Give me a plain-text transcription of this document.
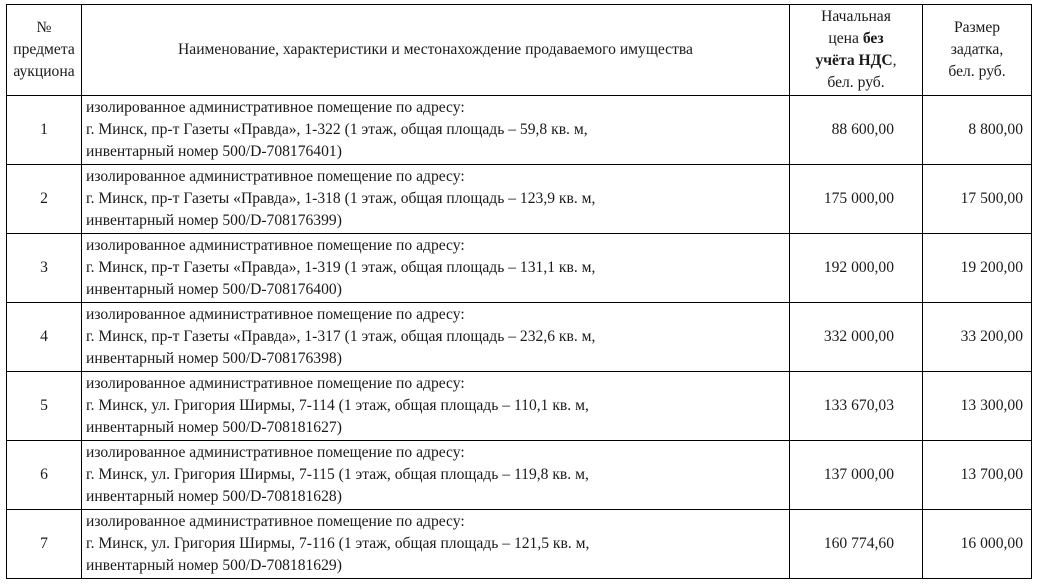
№
предмета
аукциона	Наименование, характеристики и местонахождение продаваемого имущества	Начальная
цена без
учёта НДС,
бел. руб.	Размер
задатка,
бел. руб.

1	изолированное административное помещение по адресу:
г. Минск, пр-т Газеты «Правда», 1-322 (1 этаж, общая площадь – 59,8 кв. м,
инвентарный номер 500/D-708176401)	88 600,00	8 800,00
2	изолированное административное помещение по адресу:
г. Минск, пр-т Газеты «Правда», 1-318 (1 этаж, общая площадь – 123,9 кв. м,
инвентарный номер 500/D-708176399)	175 000,00	17 500,00
3	изолированное административное помещение по адресу:
г. Минск, пр-т Газеты «Правда», 1-319 (1 этаж, общая площадь – 131,1 кв. м,
инвентарный номер 500/D-708176400)	192 000,00	19 200,00
4	изолированное административное помещение по адресу:
г. Минск, пр-т Газеты «Правда», 1-317 (1 этаж, общая площадь – 232,6 кв. м,
инвентарный номер 500/D-708176398)	332 000,00	33 200,00
5	изолированное административное помещение по адресу:
г. Минск, ул. Григория Ширмы, 7-114 (1 этаж, общая площадь – 110,1 кв. м,
инвентарный номер 500/D-708181627)	133 670,03	13 300,00
6	изолированное административное помещение по адресу:
г. Минск, ул. Григория Ширмы, 7-115 (1 этаж, общая площадь – 119,8 кв. м,
инвентарный номер 500/D-708181628)	137 000,00	13 700,00
7	изолированное административное помещение по адресу:
г. Минск, ул. Григория Ширмы, 7-116 (1 этаж, общая площадь – 121,5 кв. м,
инвентарный номер 500/D-708181629)	160 774,60	16 000,00
